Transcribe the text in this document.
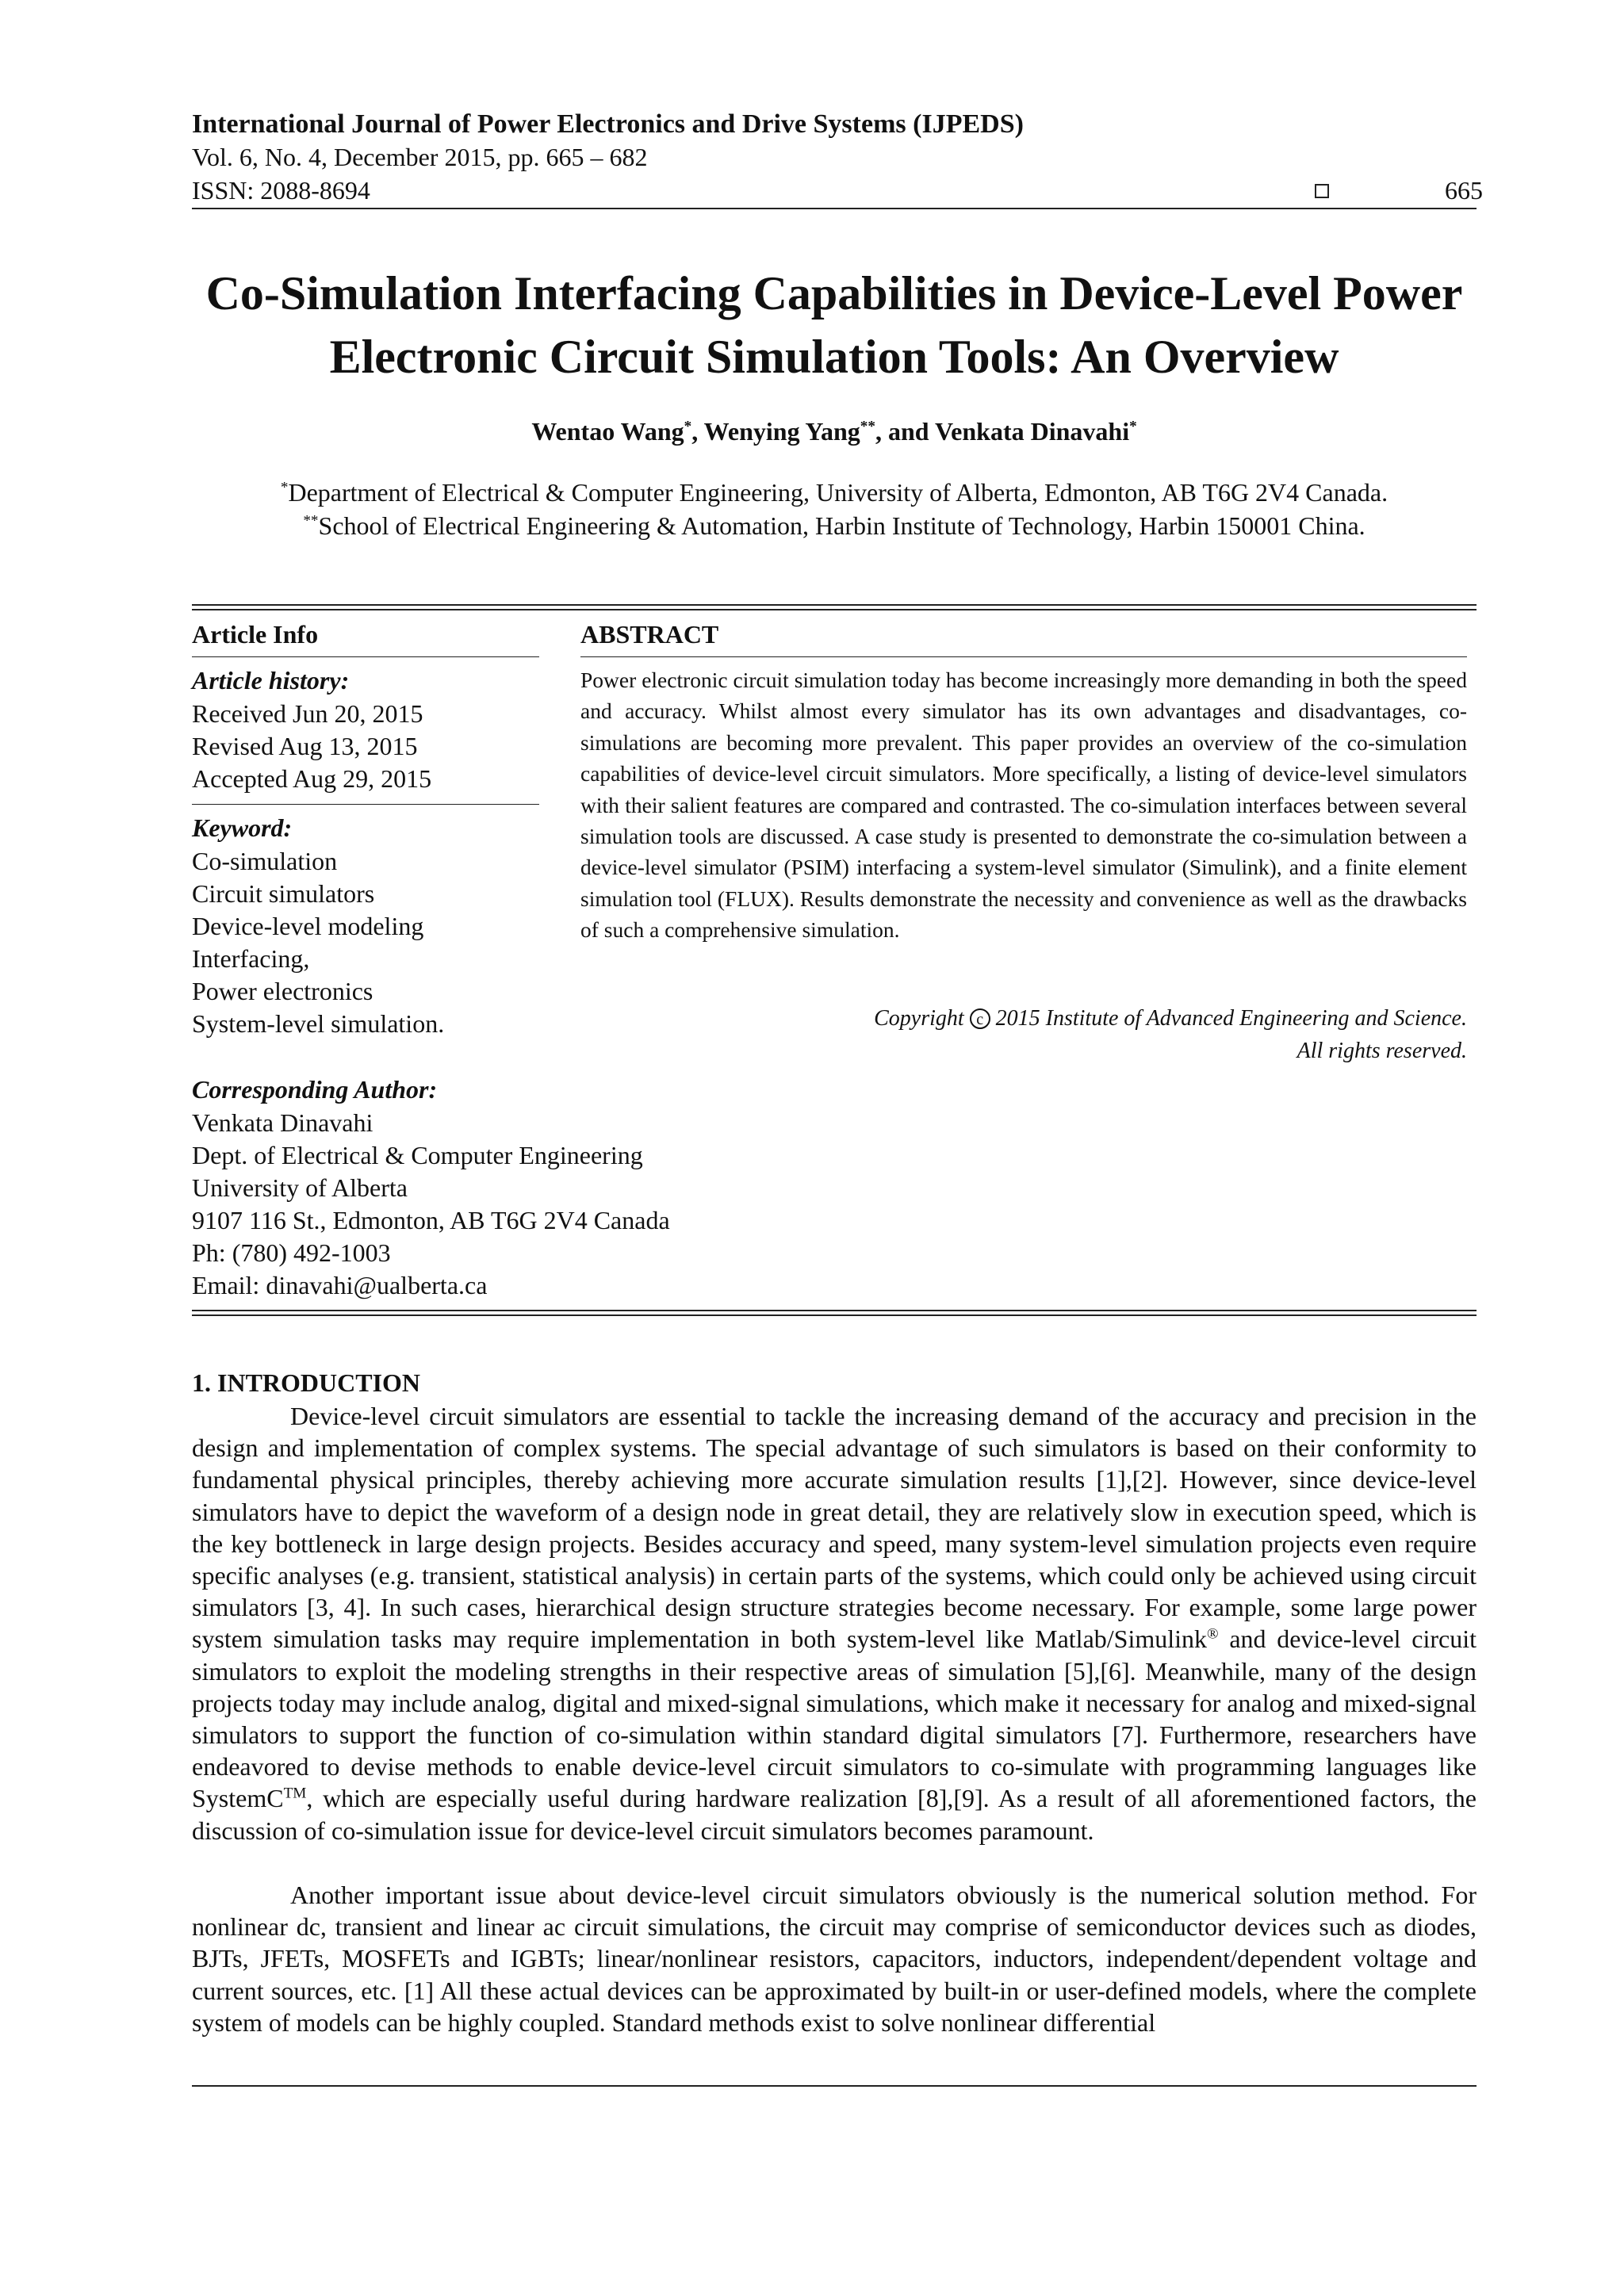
International Journal of Power Electronics and Drive Systems (IJPEDS)
Vol. 6, No. 4, December 2015, pp. 665 – 682
ISSN: 2088-8694	665
Co-Simulation Interfacing Capabilities in Device-Level Power
Electronic Circuit Simulation Tools: An Overview
Wentao Wang*, Wenying Yang**, and Venkata Dinavahi*
*Department of Electrical & Computer Engineering, University of Alberta, Edmonton, AB T6G 2V4 Canada.
**School of Electrical Engineering & Automation, Harbin Institute of Technology, Harbin 150001 China.
Article Info
Article history:
Received Jun 20, 2015
Revised Aug 13, 2015
Accepted Aug 29, 2015
Keyword:
Co-simulation
Circuit simulators
Device-level modeling
Interfacing,
Power electronics
System-level simulation.
ABSTRACT
Power electronic circuit simulation today has become increasingly more demanding in both the speed and accuracy. Whilst almost every simulator has its own advantages and disadvantages, co-simulations are becoming more prevalent. This paper provides an overview of the co-simulation capabilities of device-level circuit simulators. More specifically, a listing of device-level simulators with their salient features are compared and contrasted. The co-simulation interfaces between several simulation tools are discussed. A case study is presented to demonstrate the co-simulation between a device-level simulator (PSIM) interfacing a system-level simulator (Simulink), and a finite element simulation tool (FLUX). Results demonstrate the necessity and convenience as well as the drawbacks of such a comprehensive simulation.
Copyright c 2015 Institute of Advanced Engineering and Science.
All rights reserved.
Corresponding Author:
Venkata Dinavahi
Dept. of Electrical & Computer Engineering
University of Alberta
9107 116 St., Edmonton, AB T6G 2V4 Canada
Ph: (780) 492-1003
Email: dinavahi@ualberta.ca
1. INTRODUCTION
Device-level circuit simulators are essential to tackle the increasing demand of the accuracy and precision in the design and implementation of complex systems. The special advantage of such simulators is based on their conformity to fundamental physical principles, thereby achieving more accurate simulation results [1],[2]. However, since device-level simulators have to depict the waveform of a design node in great detail, they are relatively slow in execution speed, which is the key bottleneck in large design projects. Besides accuracy and speed, many system-level simulation projects even require specific analyses (e.g. transient, statistical analysis) in certain parts of the systems, which could only be achieved using circuit simulators [3, 4]. In such cases, hierarchical design structure strategies become necessary. For example, some large power system simulation tasks may require implementation in both system-level like Matlab/Simulink® and device-level circuit simulators to exploit the modeling strengths in their respective areas of simulation [5],[6]. Meanwhile, many of the design projects today may include analog, digital and mixed-signal simulations, which make it necessary for analog and mixed-signal simulators to support the function of co-simulation within standard digital simulators [7]. Furthermore, researchers have endeavored to devise methods to enable device-level circuit simulators to co-simulate with programming languages like SystemC™, which are especially useful during hardware realization [8],[9]. As a result of all aforementioned factors, the discussion of co-simulation issue for device-level circuit simulators becomes paramount.
Another important issue about device-level circuit simulators obviously is the numerical solution method. For nonlinear dc, transient and linear ac circuit simulations, the circuit may comprise of semiconductor devices such as diodes, BJTs, JFETs, MOSFETs and IGBTs; linear/nonlinear resistors, capacitors, inductors, independent/dependent voltage and current sources, etc. [1] All these actual devices can be approximated by built-in or user-defined models, where the complete system of models can be highly coupled. Standard methods exist to solve nonlinear differential
